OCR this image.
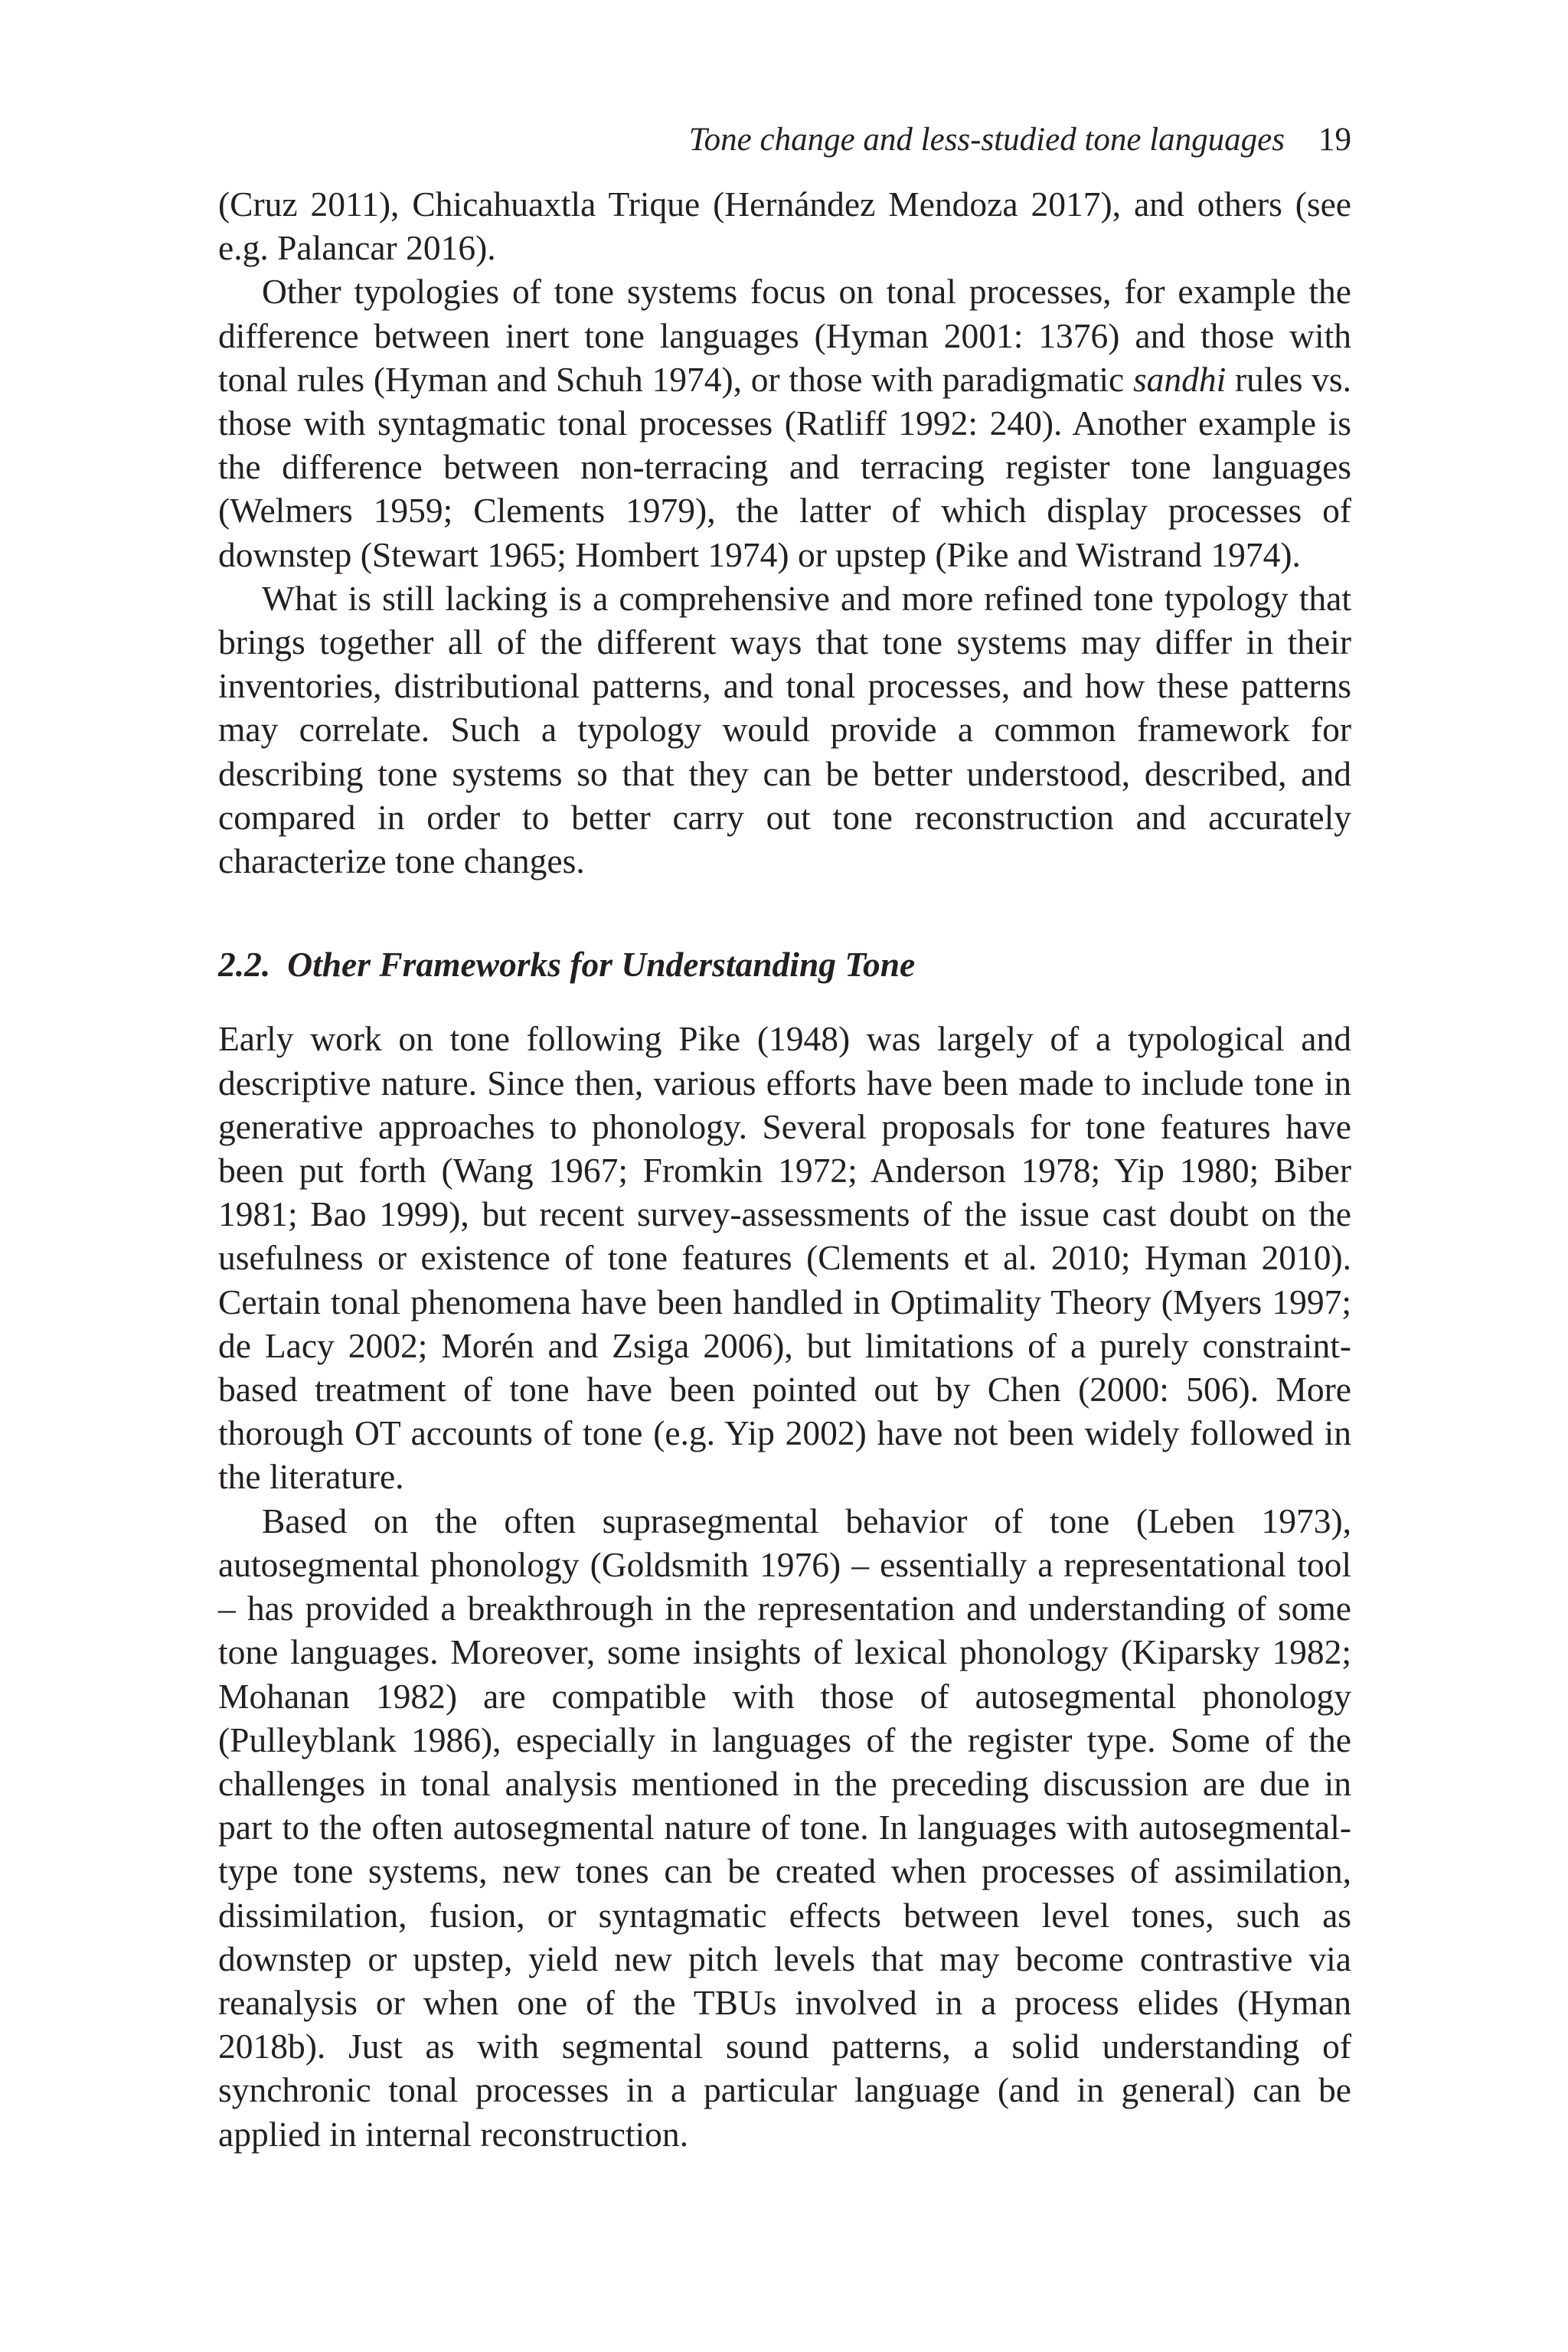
Tone change and less-studied tone languages 19

(Cruz 2011), Chicahuaxtla Trique (Hernández Mendoza 2017), and others (see e.g. Palancar 2016).

Other typologies of tone systems focus on tonal processes, for example the difference between inert tone languages (Hyman 2001: 1376) and those with tonal rules (Hyman and Schuh 1974), or those with paradigmatic sandhi rules vs. those with syntagmatic tonal processes (Ratliff 1992: 240). Another example is the difference between non-terracing and terracing register tone languages (Welmers 1959; Clements 1979), the latter of which display processes of downstep (Stewart 1965; Hombert 1974) or upstep (Pike and Wistrand 1974).

What is still lacking is a comprehensive and more refined tone typology that brings together all of the different ways that tone systems may differ in their inventories, distributional patterns, and tonal processes, and how these patterns may correlate. Such a typology would provide a common framework for describing tone systems so that they can be better understood, described, and compared in order to better carry out tone reconstruction and accurately characterize tone changes.

2.2. Other Frameworks for Understanding Tone

Early work on tone following Pike (1948) was largely of a typological and descriptive nature. Since then, various efforts have been made to include tone in generative approaches to phonology. Several proposals for tone features have been put forth (Wang 1967; Fromkin 1972; Anderson 1978; Yip 1980; Biber 1981; Bao 1999), but recent survey-assessments of the issue cast doubt on the usefulness or existence of tone features (Clements et al. 2010; Hyman 2010). Certain tonal phenomena have been handled in Optimality Theory (Myers 1997; de Lacy 2002; Morén and Zsiga 2006), but limitations of a purely constraint-based treatment of tone have been pointed out by Chen (2000: 506). More thorough OT accounts of tone (e.g. Yip 2002) have not been widely followed in the literature.

Based on the often suprasegmental behavior of tone (Leben 1973), autosegmental phonology (Goldsmith 1976) – essentially a representational tool – has provided a breakthrough in the representation and understanding of some tone languages. Moreover, some insights of lexical phonology (Kiparsky 1982; Mohanan 1982) are compatible with those of autosegmental phonology (Pulleyblank 1986), especially in languages of the register type. Some of the challenges in tonal analysis mentioned in the preceding discussion are due in part to the often autosegmental nature of tone. In languages with autosegmental-type tone systems, new tones can be created when processes of assimilation, dissimilation, fusion, or syntagmatic effects between level tones, such as downstep or upstep, yield new pitch levels that may become contrastive via reanalysis or when one of the TBUs involved in a process elides (Hyman 2018b). Just as with segmental sound patterns, a solid understanding of synchronic tonal processes in a particular language (and in general) can be applied in internal reconstruction.
